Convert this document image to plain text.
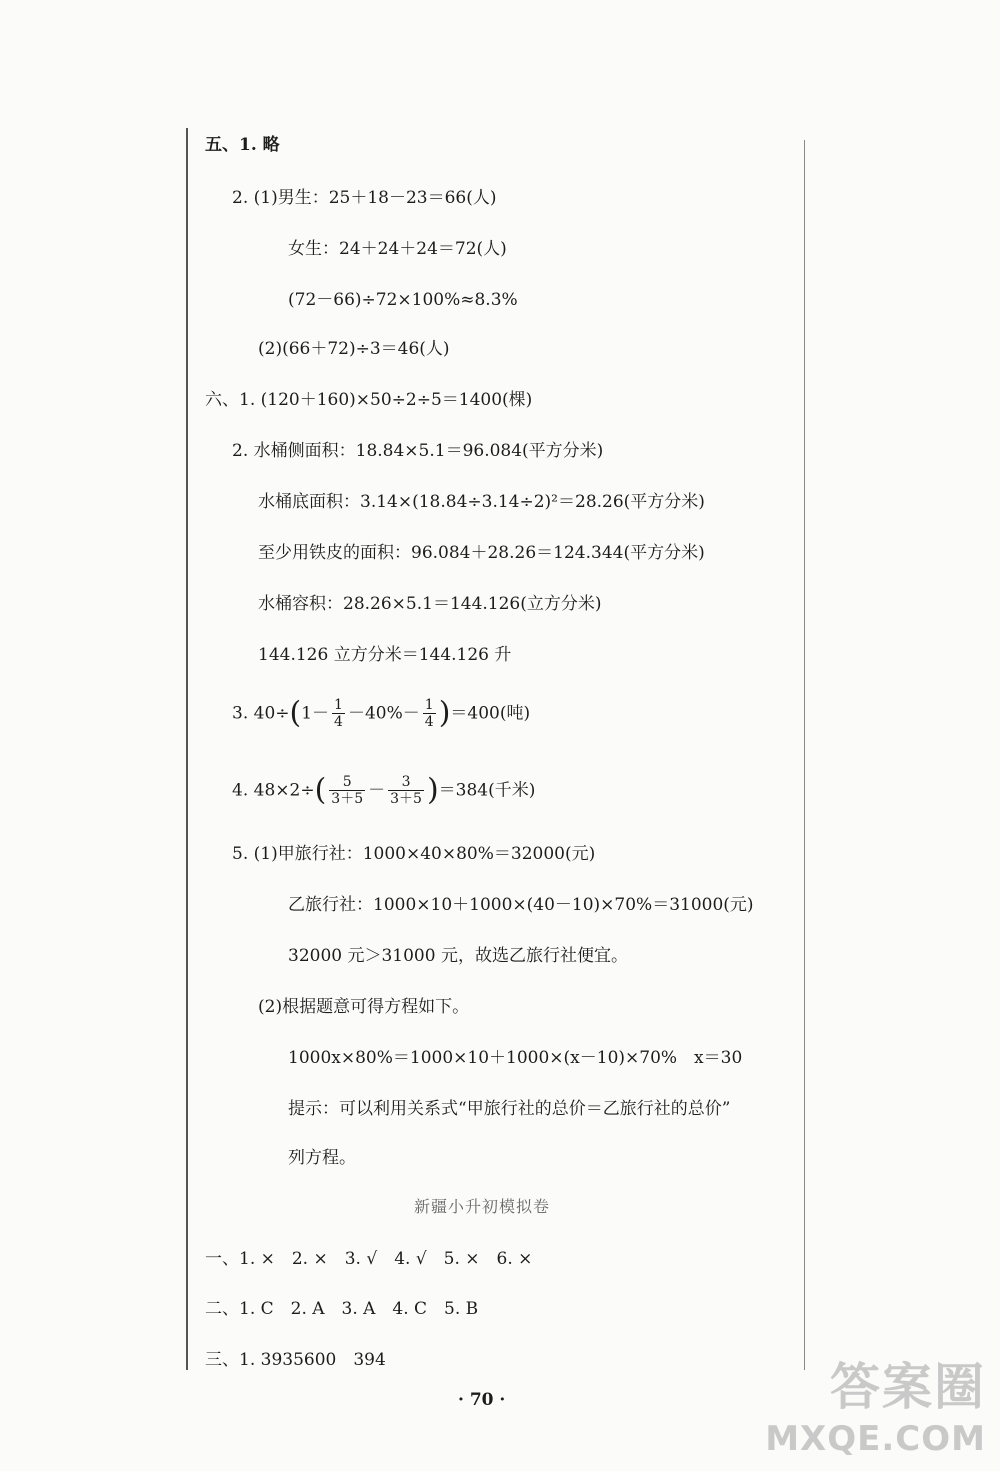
五、1. 略
2. (1)男生：25＋18－23＝66(人)
女生：24＋24＋24＝72(人)
(72－66)÷72×100%≈8.3%
(2)(66＋72)÷3＝46(人)
六、1. (120＋160)×50÷2÷5＝1400(棵)
2. 水桶侧面积：18.84×5.1＝96.084(平方分米)
水桶底面积：3.14×(18.84÷3.14÷2)²＝28.26(平方分米)
至少用铁皮的面积：96.084＋28.26＝124.344(平方分米)
水桶容积：28.26×5.1＝144.126(立方分米)
144.126 立方分米＝144.126 升
3. $40\div(1- \frac{1}{4} -40\%- \frac{1}{4} )=400$(吨)
4. $48\times 2\div( \frac{5}{3+5} - \frac{3}{3+5} )=384$(千米)
5. (1)甲旅行社：1000×40×80%＝32000(元)
乙旅行社：1000×10＋1000×(40－10)×70%＝31000(元)
32000 元＞31000 元，故选乙旅行社便宜。
(2)根据题意可得方程如下。
1000x×80%＝1000×10＋1000×(x－10)×70%　x＝30
提示：可以利用关系式“甲旅行社的总价＝乙旅行社的总价”
列方程。
新疆小升初模拟卷
一、1. ×　2. ×　3. √　4. √　5. ×　6. ×
二、1. C　2. A　3. A　4. C　5. B
三、1. 3935600　394
· 70 ·	答案圈
MXQE.COM
